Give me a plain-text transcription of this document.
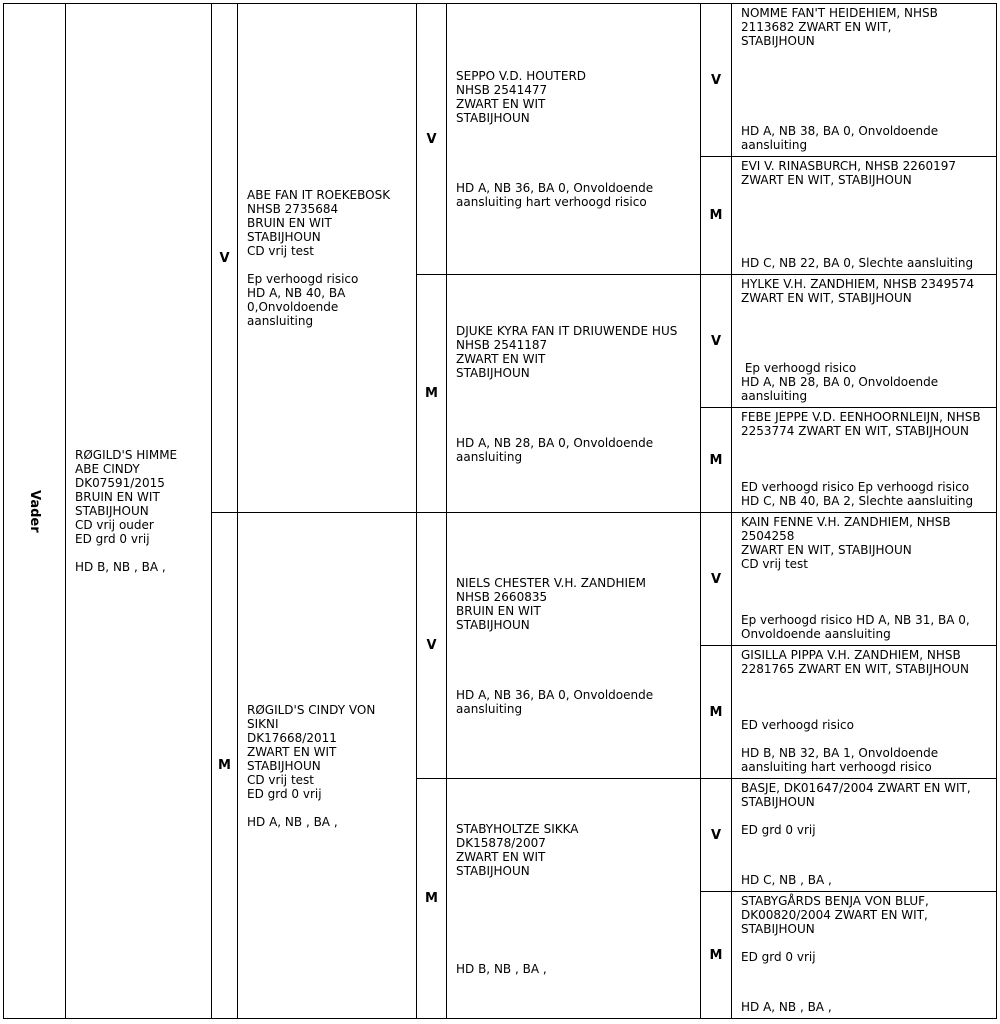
Vader
RØGILD'S HIMME
ABE CINDY
DK07591/2015
BRUIN EN WIT
STABIJHOUN
CD vrij ouder
ED grd 0 vrij
HD B, NB , BA ,
V
M
ABE FAN IT ROEKEBOSK
NHSB 2735684
BRUIN EN WIT
STABIJHOUN
CD vrij test
Ep verhoogd risico
HD A, NB 40, BA
0,Onvoldoende
aansluiting
RØGILD'S CINDY VON
SIKNI
DK17668/2011
ZWART EN WIT
STABIJHOUN
CD vrij test
ED grd 0 vrij
HD A, NB , BA ,
V
M
V
M
SEPPO V.D. HOUTERD
NHSB 2541477
ZWART EN WIT
STABIJHOUN
HD A, NB 36, BA 0, Onvoldoende
aansluiting hart verhoogd risico
DJUKE KYRA FAN IT DRIUWENDE HUS
NHSB 2541187
ZWART EN WIT
STABIJHOUN
HD A, NB 28, BA 0, Onvoldoende
aansluiting
NIELS CHESTER V.H. ZANDHIEM
NHSB 2660835
BRUIN EN WIT
STABIJHOUN
HD A, NB 36, BA 0, Onvoldoende
aansluiting
STABYHOLTZE SIKKA
DK15878/2007
ZWART EN WIT
STABIJHOUN
HD B, NB , BA ,
V
M
V
M
V
M
V
M
NOMME FAN'T HEIDEHIEM, NHSB
2113682 ZWART EN WIT,
STABIJHOUN
HD A, NB 38, BA 0, Onvoldoende
aansluiting
EVI V. RINASBURCH, NHSB 2260197
ZWART EN WIT, STABIJHOUN
HD C, NB 22, BA 0, Slechte aansluiting
HYLKE V.H. ZANDHIEM, NHSB 2349574
ZWART EN WIT, STABIJHOUN
Ep verhoogd risico
HD A, NB 28, BA 0, Onvoldoende
aansluiting
FEBE JEPPE V.D. EENHOORNLEIJN, NHSB
2253774 ZWART EN WIT, STABIJHOUN
ED verhoogd risico Ep verhoogd risico
HD C, NB 40, BA 2, Slechte aansluiting
KAIN FENNE V.H. ZANDHIEM, NHSB
2504258
ZWART EN WIT, STABIJHOUN
CD vrij test
Ep verhoogd risico HD A, NB 31, BA 0,
Onvoldoende aansluiting
GISILLA PIPPA V.H. ZANDHIEM, NHSB
2281765 ZWART EN WIT, STABIJHOUN
ED verhoogd risico
HD B, NB 32, BA 1, Onvoldoende
aansluiting hart verhoogd risico
BASJE, DK01647/2004 ZWART EN WIT,
STABIJHOUN
ED grd 0 vrij
HD C, NB , BA ,
STABYGÅRDS BENJA VON BLUF,
DK00820/2004 ZWART EN WIT,
STABIJHOUN
ED grd 0 vrij
HD A, NB , BA ,
